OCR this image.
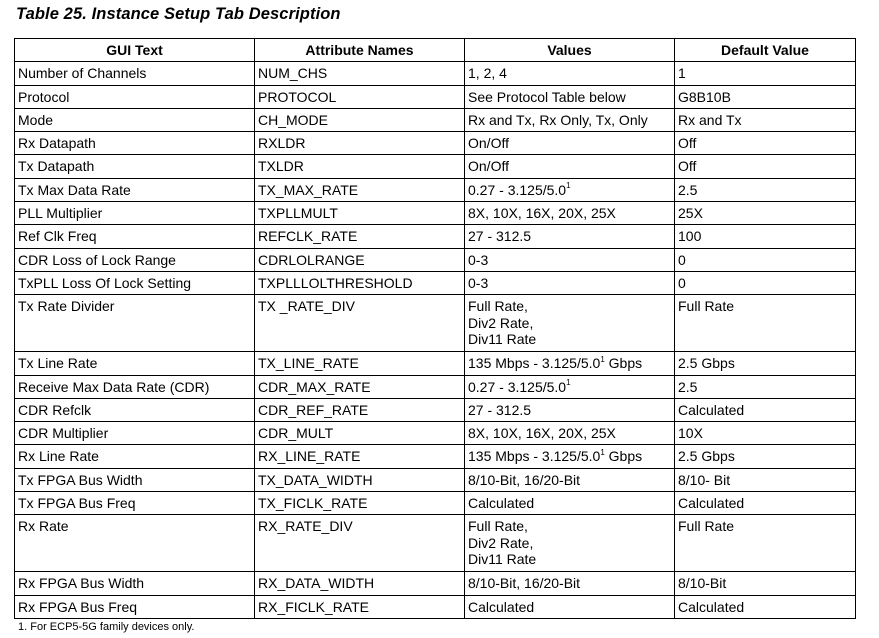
Table 25. Instance Setup Tab Description
GUI Text	Attribute Names	Values	Default Value
Number of Channels	NUM_CHS	1, 2, 4	1
Protocol	PROTOCOL	See Protocol Table below	G8B10B
Mode	CH_MODE	Rx and Tx, Rx Only, Tx, Only	Rx and Tx
Rx Datapath	RXLDR	On/Off	Off
Tx Datapath	TXLDR	On/Off	Off
Tx Max Data Rate	TX_MAX_RATE	$0.27 - 3.125/5.0^1$	2.5
PLL Multiplier	TXPLLMULT	8X, 10X, 16X, 20X, 25X	25X
Ref Clk Freq	REFCLK_RATE	27 - 312.5	100
CDR Loss of Lock Range	CDRLOLRANGE	0-3	0
TxPLL Loss Of Lock Setting	TXPLLLOLTHRESHOLD	0-3	0
Tx Rate Divider	TX _RATE_DIV	Full Rate,
Div2 Rate,
Div11 Rate	Full Rate
Tx Line Rate	TX_LINE_RATE	135 Mbps - $3.125/5.0^1$ Gbps	2.5 Gbps
Receive Max Data Rate (CDR)	CDR_MAX_RATE	$0.27 - 3.125/5.0^1$	2.5
CDR Refclk	CDR_REF_RATE	27 - 312.5	Calculated
CDR Multiplier	CDR_MULT	8X, 10X, 16X, 20X, 25X	10X
Rx Line Rate	RX_LINE_RATE	135 Mbps - $3.125/5.0^1$ Gbps	2.5 Gbps
Tx FPGA Bus Width	TX_DATA_WIDTH	8/10-Bit, 16/20-Bit	8/10- Bit
Tx FPGA Bus Freq	TX_FICLK_RATE	Calculated	Calculated
Rx Rate	RX_RATE_DIV	Full Rate,
Div2 Rate,
Div11 Rate	Full Rate
Rx FPGA Bus Width	RX_DATA_WIDTH	8/10-Bit, 16/20-Bit	8/10-Bit
Rx FPGA Bus Freq	RX_FICLK_RATE	Calculated	Calculated
1. For ECP5-5G family devices only.
